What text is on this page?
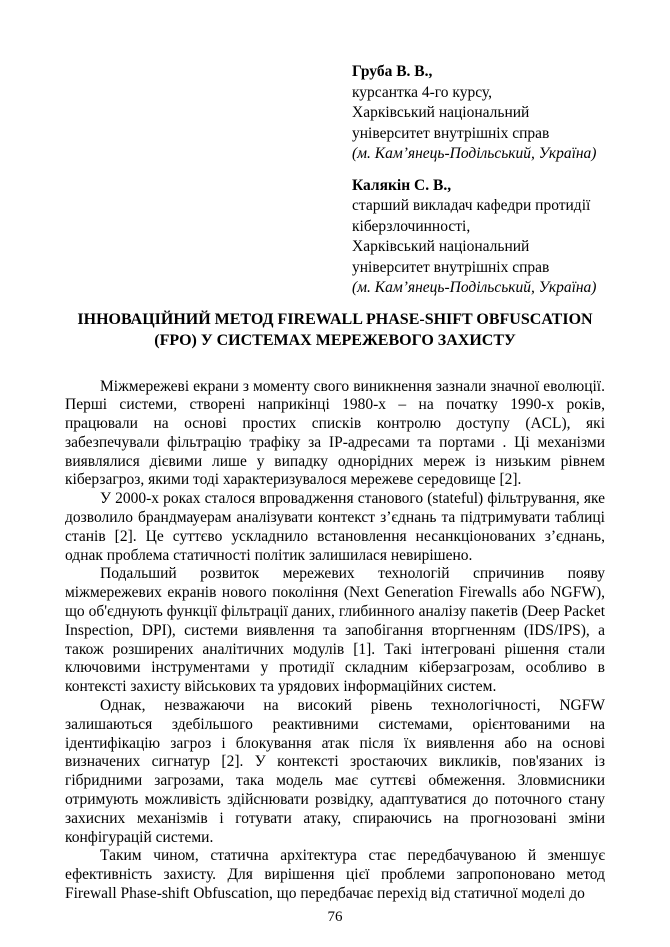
Груба В. В.,
курсантка 4-го курсу,
Харківський національний
університет внутрішніх справ
(м. Кам’янець-Подільський, Україна)
Калякін С. В.,
старший викладач кафедри протидії
кіберзлочинності,
Харківський національний
університет внутрішніх справ
(м. Кам’янець-Подільський, Україна)
ІННОВАЦІЙНИЙ МЕТОД FIREWALL PHASE-SHIFT OBFUSCATION
(FPO) У СИСТЕМАХ МЕРЕЖЕВОГО ЗАХИСТУ

Міжмережеві екрани з моменту свого виникнення зазнали значної еволюції. Перші системи, створені наприкінці 1980-х – на початку 1990-х років, працювали на основі простих списків контролю доступу (ACL), які забезпечували фільтрацію трафіку за IP-адресами та портами . Ці механізми виявлялися дієвими лише у випадку однорідних мереж із низьким рівнем кіберзагроз, якими тоді характеризувалося мережеве середовище [2].

У 2000-х роках сталося впровадження станового (stateful) фільтрування, яке дозволило брандмауерам аналізувати контекст з’єднань та підтримувати таблиці станів [2]. Це суттєво ускладнило встановлення несанкціонованих з’єднань, однак проблема статичності політик залишилася невирішено.

Подальший розвиток мережевих технологій спричинив появу міжмережевих екранів нового покоління (Next Generation Firewalls або NGFW), що об'єднують функції фільтрації даних, глибинного аналізу пакетів (Deep Packet Inspection, DPI), системи виявлення та запобігання вторгненням (IDS/IPS), а також розширених аналітичних модулів [1]. Такі інтегровані рішення стали ключовими інструментами у протидії складним кіберзагрозам, особливо в контексті захисту військових та урядових інформаційних систем.

Однак, незважаючи на високий рівень технологічності, NGFW залишаються здебільшого реактивними системами, орієнтованими на ідентифікацію загроз і блокування атак після їх виявлення або на основі визначених сигнатур [2]. У контексті зростаючих викликів, пов'язаних із гібридними загрозами, така модель має суттєві обмеження. Зловмисники отримують можливість здійснювати розвідку, адаптуватися до поточного стану захисних механізмів і готувати атаку, спираючись на прогнозовані зміни конфігурацій системи.

Таким чином, статична архітектура стає передбачуваною й зменшує ефективність захисту. Для вирішення цієї проблеми запропоновано метод Firewall Phase-shift Obfuscation, що передбачає перехід від статичної моделі до

76
